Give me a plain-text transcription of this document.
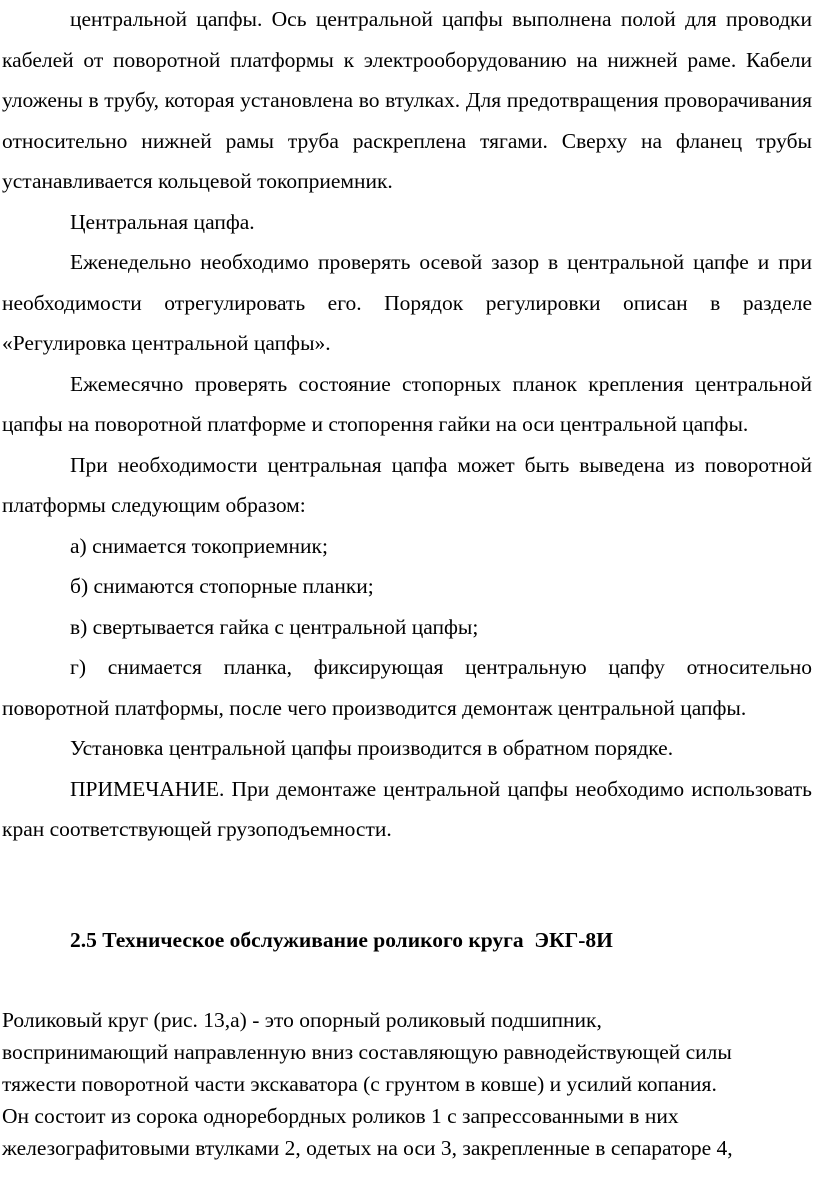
центральной цапфы. Ось центральной цапфы выполнена полой для проводки кабелей от поворотной платформы к электрооборудованию на нижней раме. Кабели уложены в трубу, которая установлена во втулках. Для предотвращения проворачивания относительно нижней рамы труба раскреплена тягами. Сверху на фланец трубы устанавливается кольцевой токоприемник.

Центральная цапфа.

Еженедельно необходимо проверять осевой зазор в центральной цапфе и при необходимости отрегулировать его. Порядок регулировки описан в разделе «Регулировка центральной цапфы».

Ежемесячно проверять состояние стопорных планок крепления центральной цапфы на поворотной платформе и стопорення гайки на оси центральной цапфы.

При необходимости центральная цапфа может быть выведена из поворотной платформы следующим образом:

а) снимается токоприемник;

б) снимаются стопорные планки;

в) свертывается гайка с центральной цапфы;

г) снимается планка, фиксирующая центральную цапфу относительно поворотной платформы, после чего производится демонтаж центральной цапфы.

Установка центральной цапфы производится в обратном порядке.

ПРИМЕЧАНИЕ. При демонтаже центральной цапфы необходимо использовать кран соответствующей грузоподъемности.

2.5 Техническое обслуживание роликого круга  ЭКГ-8И
Роликовый круг (рис. 13,а) - это опорный роликовый подшипник,
воспринимающий направленную вниз составляющую равнодействующей силы
тяжести поворотной части экскаватора (с грунтом в ковше) и усилий копания.
Он состоит из сорока одноребордных роликов 1 с запрессованными в них
железографитовыми втулками 2, одетых на оси 3, закрепленные в сепараторе 4,
